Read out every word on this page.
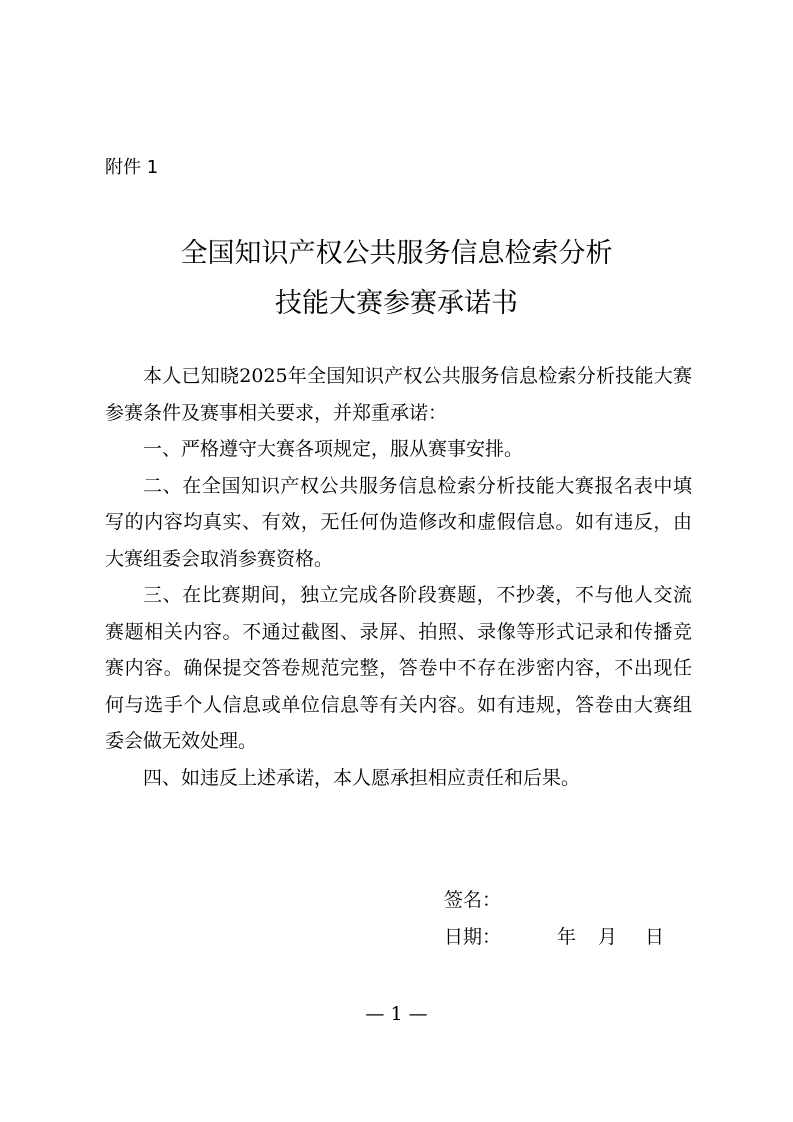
附件 1
全国知识产权公共服务信息检索分析
技能大赛参赛承诺书

本人已知晓2025年全国知识产权公共服务信息检索分析技能大赛参赛条件及赛事相关要求，并郑重承诺：

一、严格遵守大赛各项规定，服从赛事安排。

二、在全国知识产权公共服务信息检索分析技能大赛报名表中填写的内容均真实、有效，无任何伪造修改和虚假信息。如有违反，由大赛组委会取消参赛资格。

三、在比赛期间，独立完成各阶段赛题，不抄袭，不与他人交流赛题相关内容。不通过截图、录屏、拍照、录像等形式记录和传播竞赛内容。确保提交答卷规范完整，答卷中不存在涉密内容，不出现任何与选手个人信息或单位信息等有关内容。如有违规，答卷由大赛组委会做无效处理。

四、如违反上述承诺，本人愿承担相应责任和后果。

签名：
日期：	年 月 日
— 1 —
